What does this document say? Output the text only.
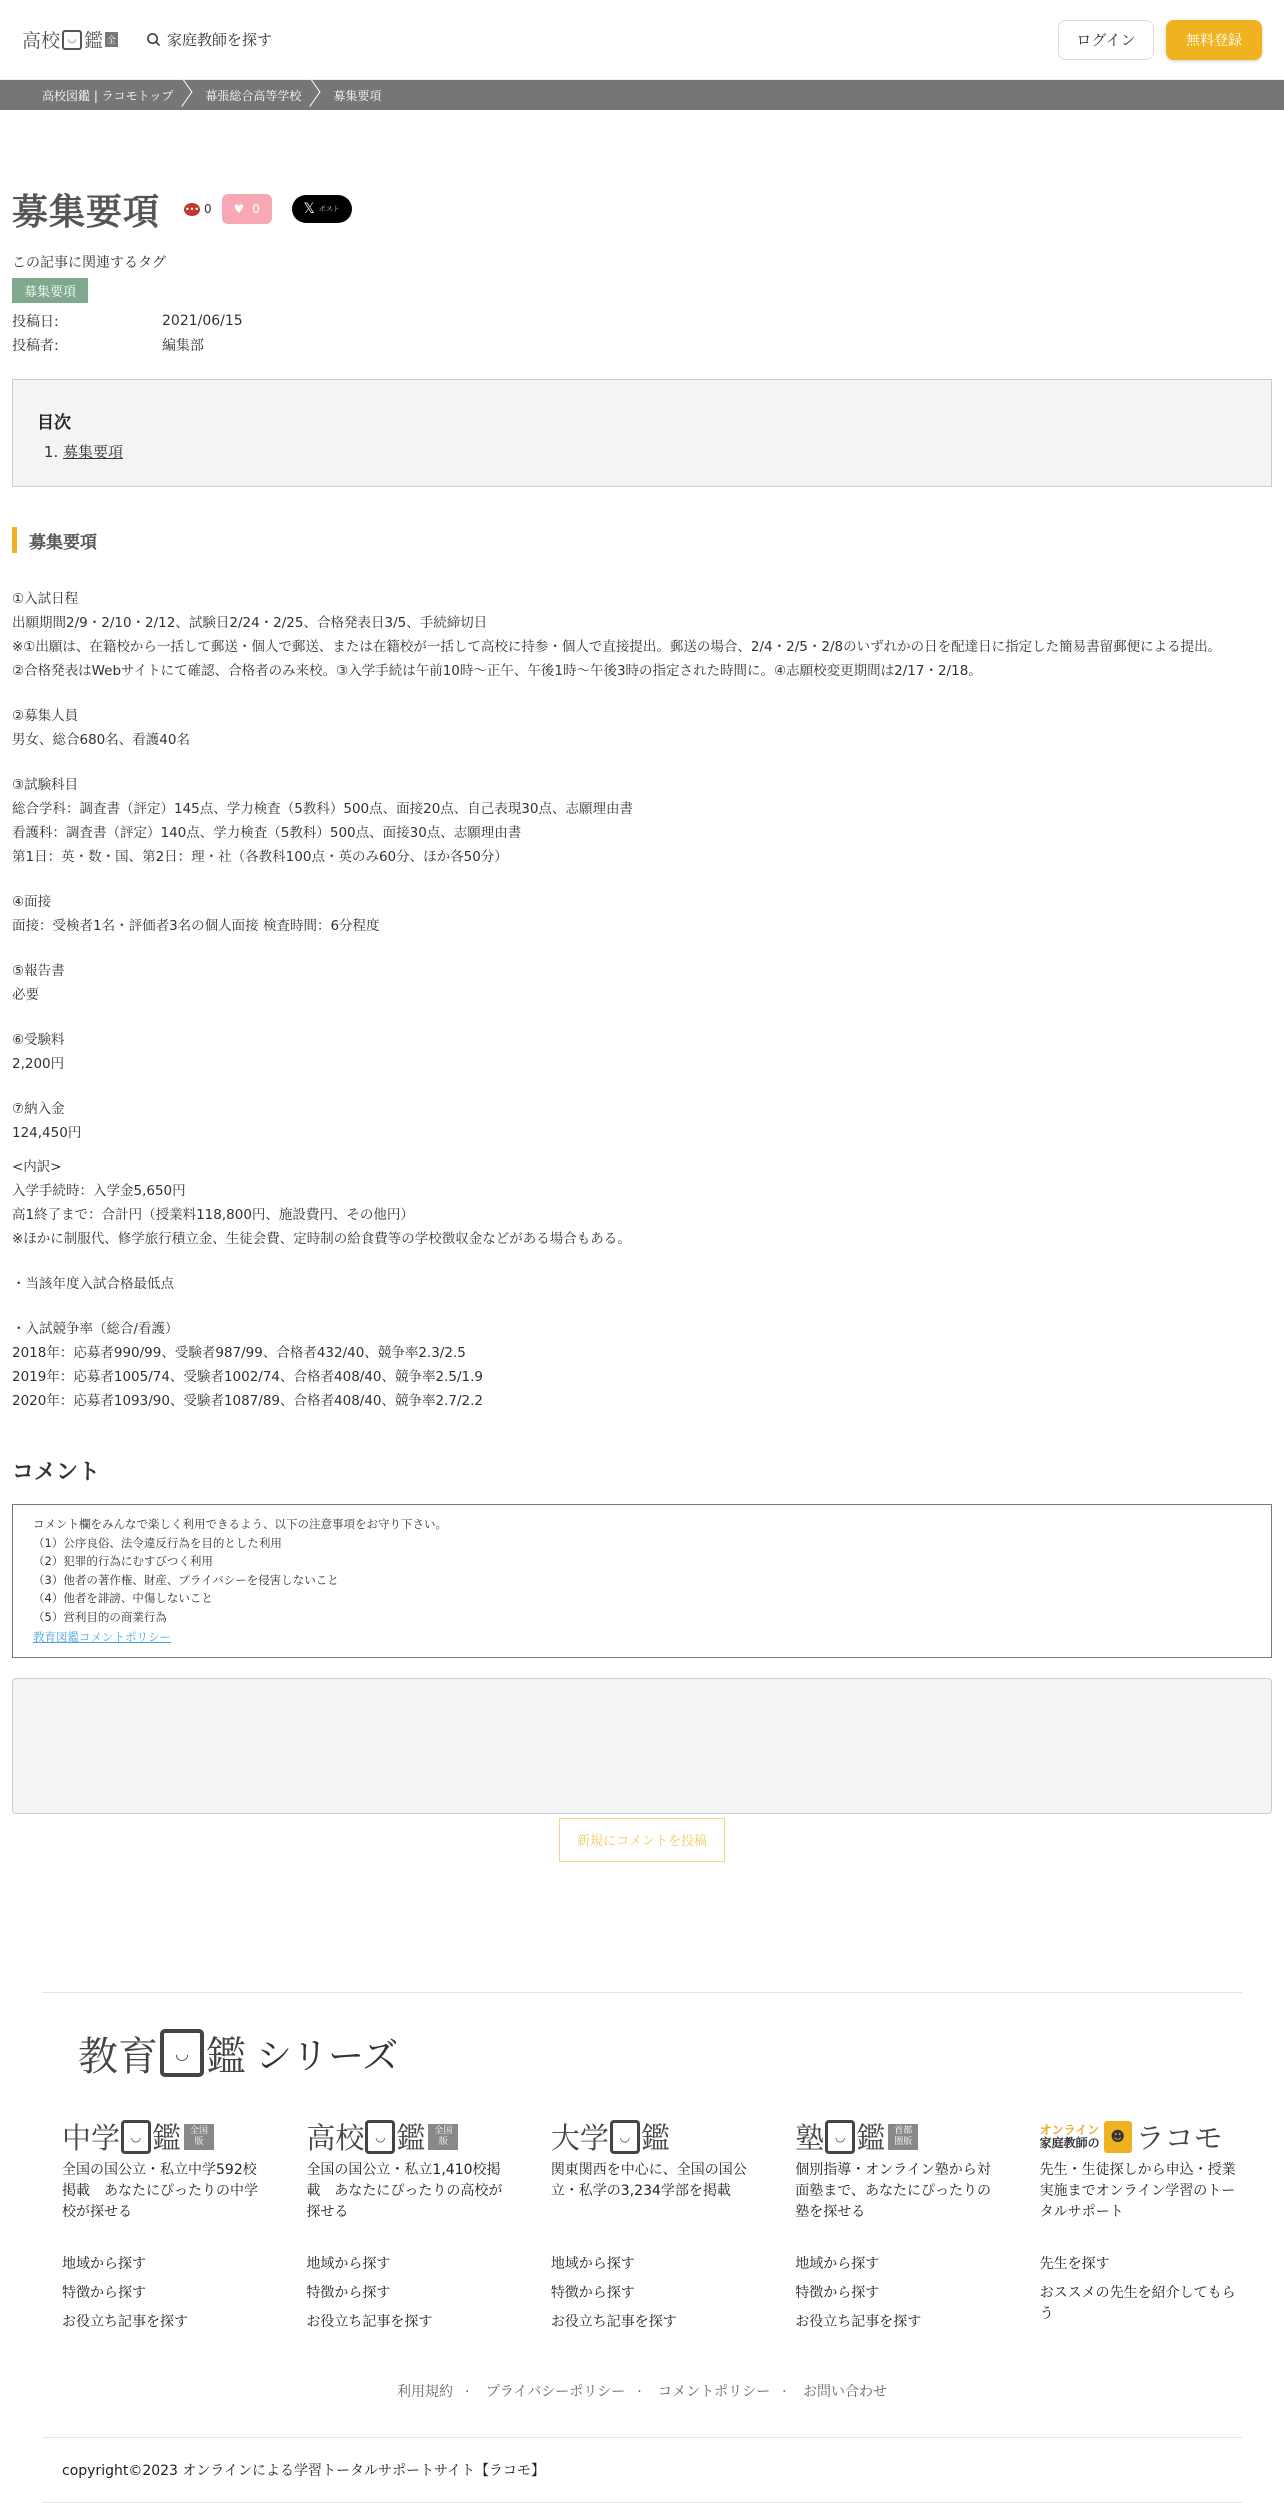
高校 ◡ 鑑 全	家庭教師を探す	ログイン	無料登録
高校図鑑 | ラコモトップ	幕張総合高等学校	募集要項
募集要項	••• 0 ♥ 0	𝕏 ポスト
この記事に関連するタグ
募集要項
投稿日:	2021/06/15
投稿者:	編集部
目次
1. 募集要項
募集要項

①入試日程

出願期間2/9・2/10・2/12、試験日2/24・2/25、合格発表日3/5、手続締切日

※①出願は、在籍校から一括して郵送・個人で郵送、または在籍校が一括して高校に持参・個人で直接提出。郵送の場合、2/4・2/5・2/8のいずれかの日を配達日に指定した簡易書留郵便による提出。

②合格発表はWebサイトにて確認、合格者のみ来校。③入学手続は午前10時〜正午、午後1時〜午後3時の指定された時間に。④志願校変更期間は2/17・2/18。

②募集人員

男女、総合680名、看護40名

③試験科目

総合学科：調査書（評定）145点、学力検査（5教科）500点、面接20点、自己表現30点、志願理由書

看護科：調査書（評定）140点、学力検査（5教科）500点、面接30点、志願理由書

第1日：英・数・国、第2日：理・社（各教科100点・英のみ60分、ほか各50分）

④面接

面接：受検者1名・評価者3名の個人面接 検査時間：6分程度

⑤報告書

必要

⑥受験料

2,200円

⑦納入金

124,450円

<内訳>

入学手続時：入学金5,650円

高1終了まで：合計円（授業料118,800円、施設費円、その他円）

※ほかに制服代、修学旅行積立金、生徒会費、定時制の給食費等の学校徴収金などがある場合もある。

・当該年度入試合格最低点

・入試競争率（総合/看護）

2018年：応募者990/99、受験者987/99、合格者432/40、競争率2.3/2.5

2019年：応募者1005/74、受験者1002/74、合格者408/40、競争率2.5/1.9

2020年：応募者1093/90、受験者1087/89、合格者408/40、競争率2.7/2.2

コメント
コメント欄をみんなで楽しく利用できるよう、以下の注意事項をお守り下さい。
（1）公序良俗、法令違反行為を目的とした利用
（2）犯罪的行為にむすびつく利用
（3）他者の著作権、財産、プライバシーを侵害しないこと
（4）他者を誹謗、中傷しないこと
（5）営利目的の商業行為
教育図鑑コメントポリシー
新規にコメントを投稿
教育	◡ 鑑 シリーズ
中学 ◡ 鑑 全国版
全国の国公立・私立中学592校掲載　あなたにぴったりの中学校が探せる
地域から探す
特徴から探す
お役立ち記事を探す
高校 ◡ 鑑 全国版
全国の国公立・私立1,410校掲載　あなたにぴったりの高校が探せる
地域から探す
特徴から探す
お役立ち記事を探す
大学 ◡ 鑑
関東関西を中心に、全国の国公立・私学の3,234学部を掲載
地域から探す
特徴から探す
お役立ち記事を探す
塾 ◡ 鑑 首都圏版
個別指導・オンライン塾から対面塾まで、あなたにぴったりの塾を探せる
地域から探す
特徴から探す
お役立ち記事を探す
オンライン
家庭教師の ☻ ラコモ
先生・生徒探しから申込・授業実施までオンライン学習のトータルサポート
先生を探す
おススメの先生を紹介してもらう
利用規約 · プライバシーポリシー · コメントポリシー · お問い合わせ
copyright©2023 オンラインによる学習トータルサポートサイト【ラコモ】
